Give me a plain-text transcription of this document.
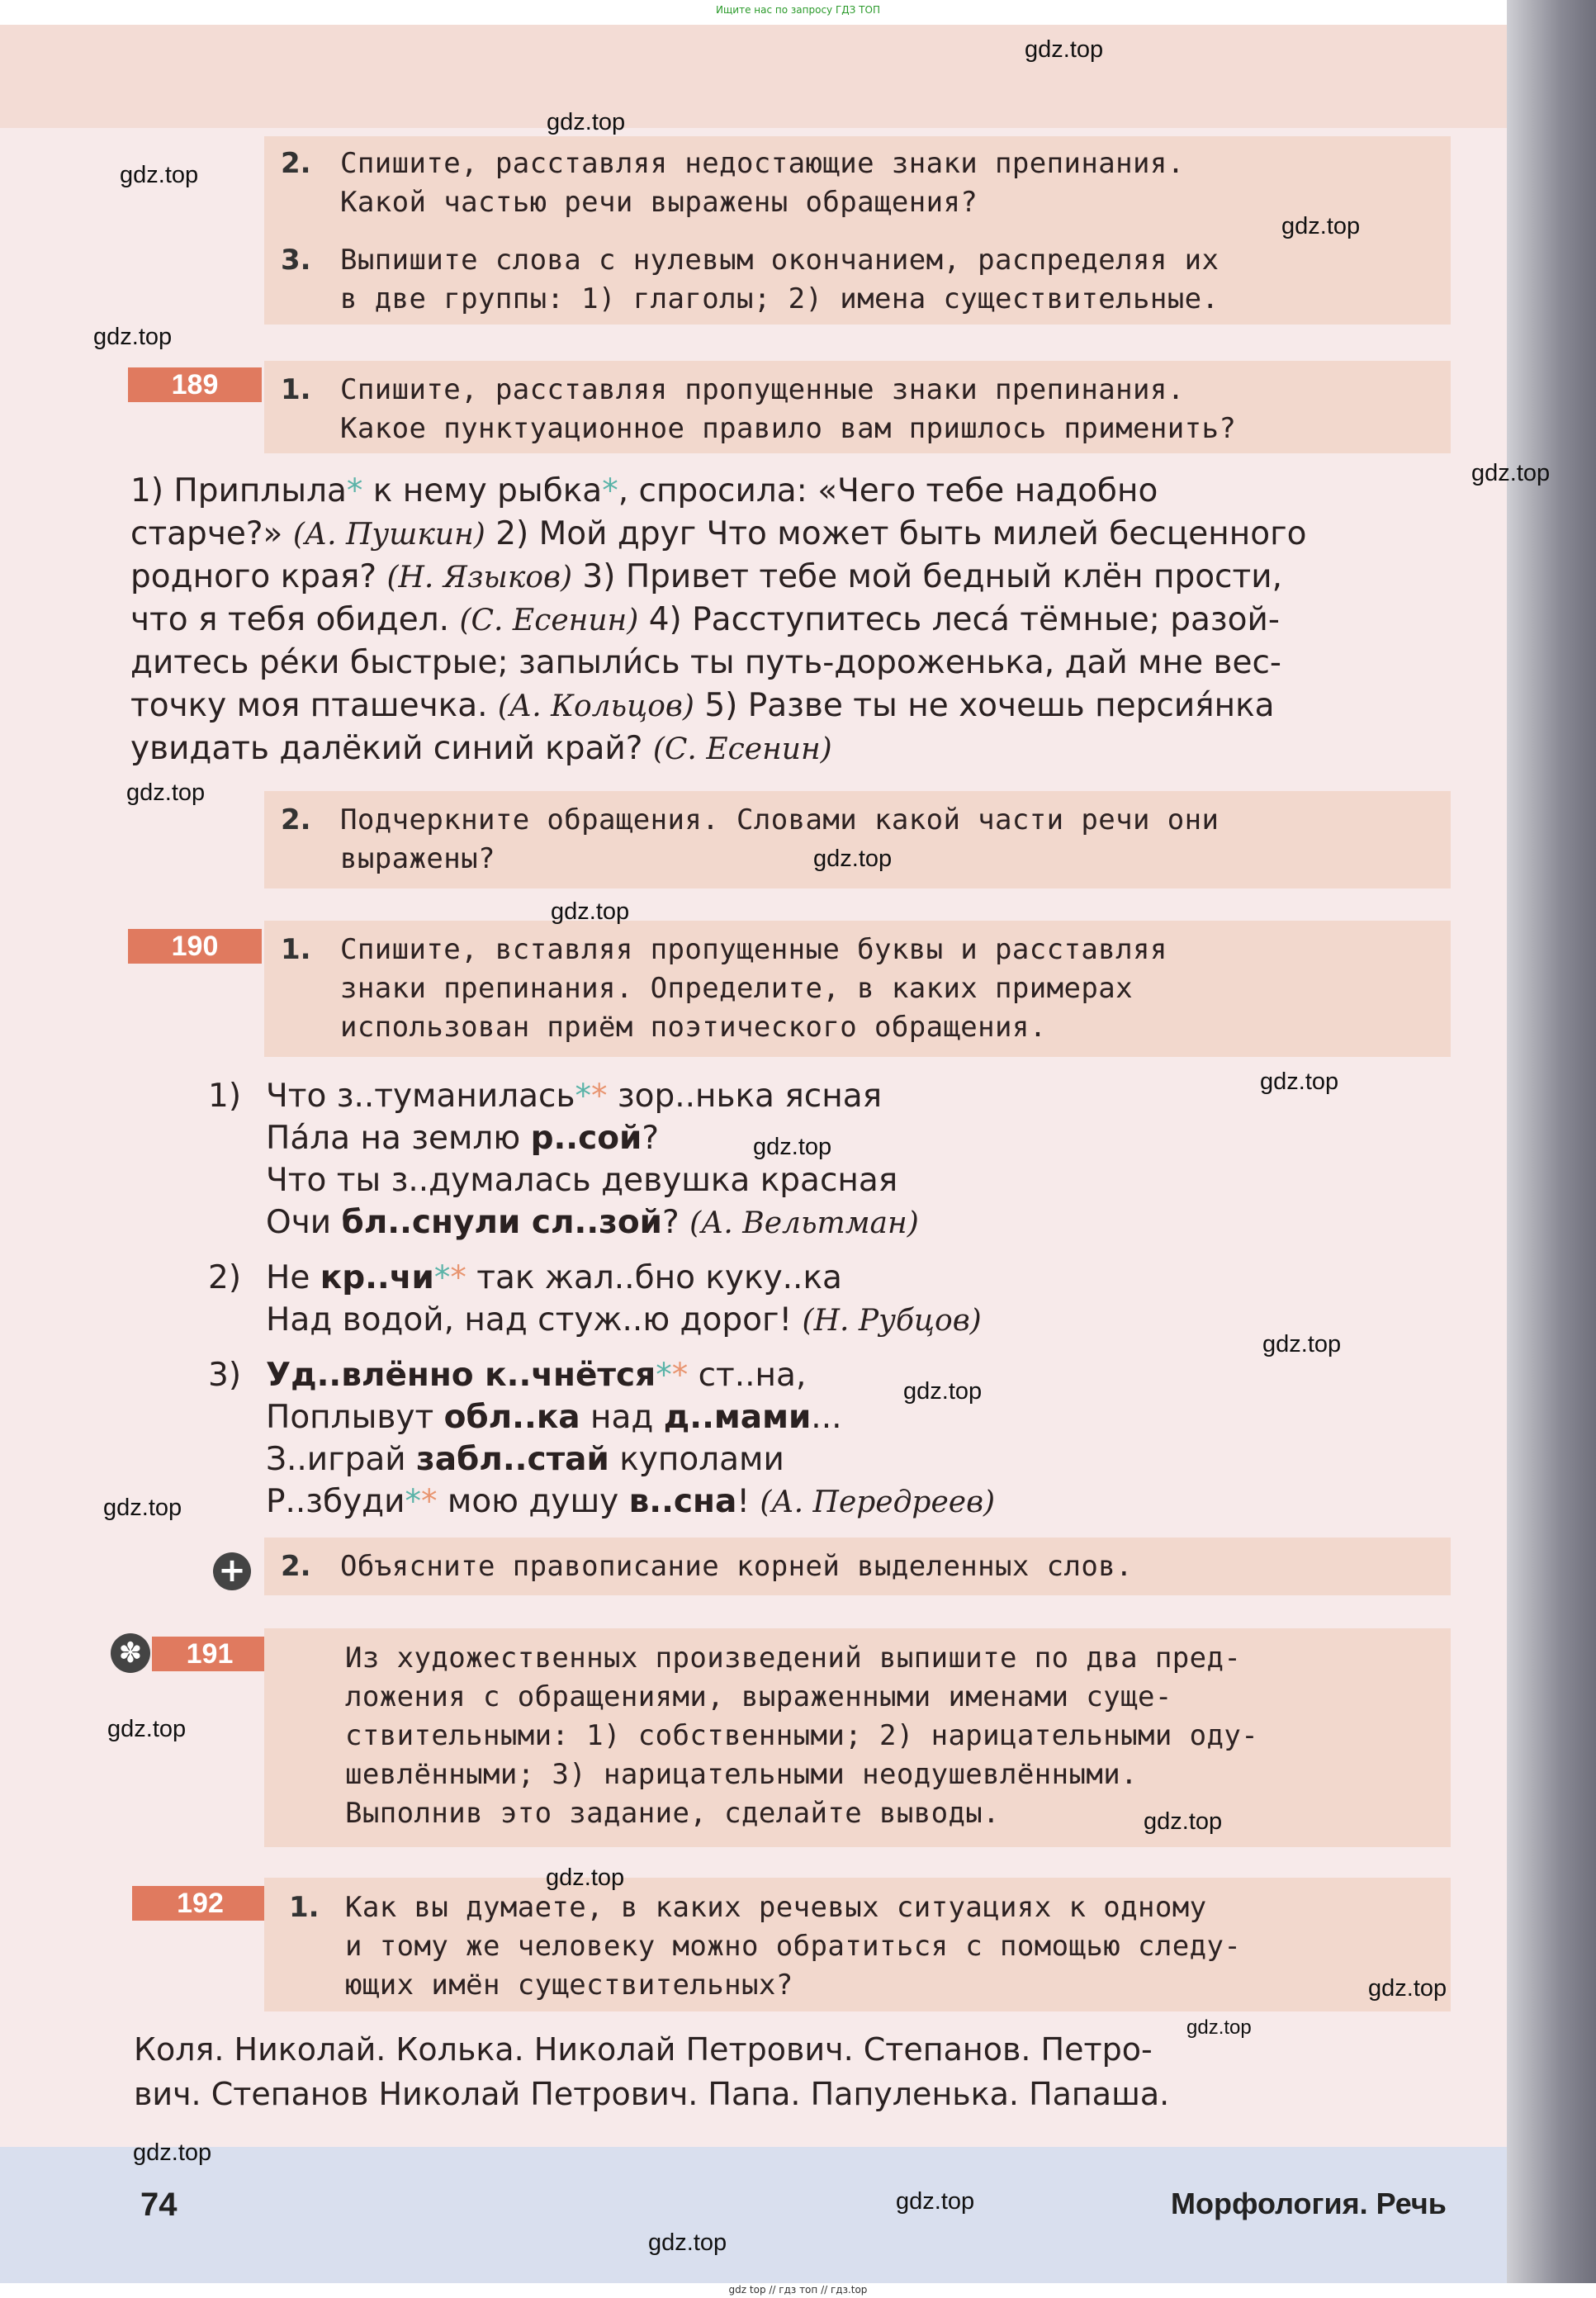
Ищите нас по запросу ГДЗ ТОП
2. Спишите, расставляя недостающие знаки препинания.
Какой частью речи выражены обращения?
3. Выпишите слова с нулевым окончанием, распределяя их
в две группы: 1) глаголы; 2) имена существительные.
189	1. Спишите, расставляя пропущенные знаки препинания.
Какое пунктуационное правило вам пришлось применить?
1) Приплыла* к нему рыбка*, спросила: «Чего тебе надобно
старче?» (А. Пушкин) 2) Мой друг Что может быть милей бесценного
родного края? (Н. Языков) 3) Привет тебе мой бедный клён прости,
что я тебя обидел. (С. Есенин) 4) Расступитесь леса́ тёмные; разой-
дитесь ре́ки быстрые; запыли́сь ты путь-дороженька, дай мне вес-
точку моя пташечка. (А. Кольцов) 5) Разве ты не хочешь персия́нка
увидать далёкий синий край? (С. Есенин)
2. Подчеркните обращения. Словами какой части речи они
выражены?
190	1. Спишите, вставляя пропущенные буквы и расставляя
знаки препинания. Определите, в каких примерах
использован приём поэтического обращения.
1) Что з..туманилась** зор..нька ясная
Па́ла на землю р..сой?
Что ты з..думалась девушка красная
Очи бл..снули сл..зой? (А. Вельтман)
2) Не кр..чи** так жал..бно куку..ка
Над водой, над стуж..ю дорог! (Н. Рубцов)
3) Уд..влённо к..чнётся** ст..на,
Поплывут обл..ка над д..мами...
З..играй забл..стай куполами
Р..збуди** мою душу в..сна! (А. Передреев)
+ 2. Объясните правописание корней выделенных слов.
✽	191	Из художественных произведений выпишите по два пред-
ложения с обращениями, выраженными именами суще-
ствительными: 1) собственными; 2) нарицательными оду-
шевлёнными; 3) нарицательными неодушевлёнными.
Выполнив это задание, сделайте выводы.
192	1. Как вы думаете, в каких речевых ситуациях к одному
и тому же человеку можно обратиться с помощью следу-
ющих имён существительных?
Коля. Николай. Колька. Николай Петрович. Степанов. Петро-
вич. Степанов Николай Петрович. Папа. Папуленька. Папаша.
74	Морфология. Речь
gdz top // гдз топ // гдз.top
gdz.top
gdz.top
gdz.top
gdz.top
gdz.top
gdz.top
gdz.top
gdz.top
gdz.top
gdz.top
gdz.top
gdz.top
gdz.top
gdz.top
gdz.top
gdz.top
gdz.top
gdz.top
gdz.top
gdz.top
gdz.top
gdz.top
